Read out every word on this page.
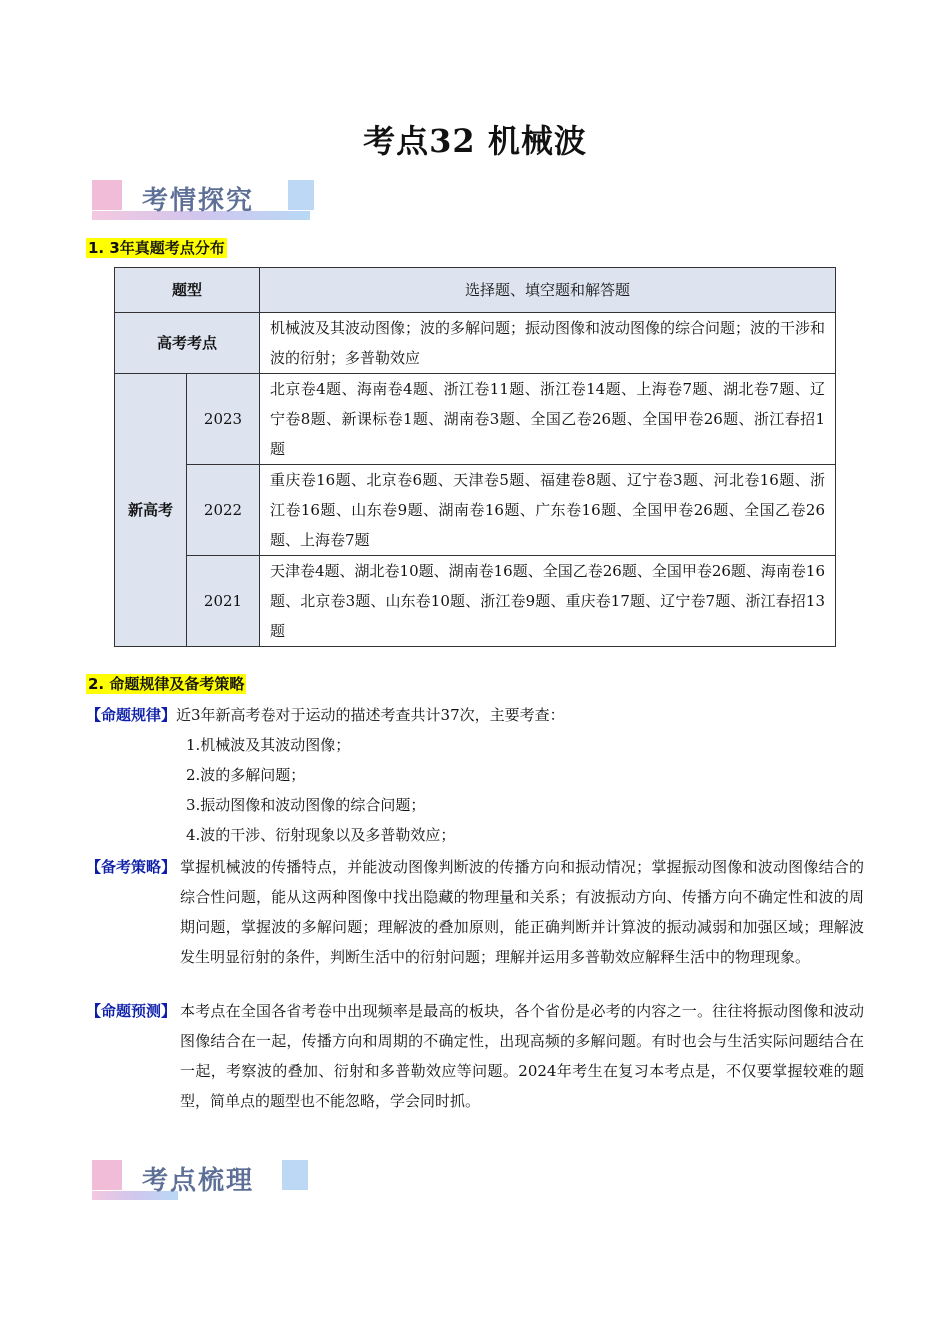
考点32 机械波
考情探究
1. 3年真题考点分布
题型		选择题、填空题和解答题
高考考点		机械波及其波动图像；波的多解问题；振动图像和波动图像的综合问题；波的干涉和波的衍射；多普勒效应
新高考	2023	北京卷4题、海南卷4题、浙江卷11题、浙江卷14题、上海卷7题、湖北卷7题、辽宁卷8题、新课标卷1题、湖南卷3题、全国乙卷26题、全国甲卷26题、浙江春招1题
	2022	重庆卷16题、北京卷6题、天津卷5题、福建卷8题、辽宁卷3题、河北卷16题、浙江卷16题、山东卷9题、湖南卷16题、广东卷16题、全国甲卷26题、全国乙卷26题、上海卷7题
	2021	天津卷4题、湖北卷10题、湖南卷16题、全国乙卷26题、全国甲卷26题、海南卷16题、北京卷3题、山东卷10题、浙江卷9题、重庆卷17题、辽宁卷7题、浙江春招13题
2. 命题规律及备考策略
【命题规律】近3年新高考卷对于运动的描述考查共计37次，主要考查：
1.机械波及其波动图像；
2.波的多解问题；
3.振动图像和波动图像的综合问题；
4.波的干涉、衍射现象以及多普勒效应；
【备考策略】 掌握机械波的传播特点，并能波动图像判断波的传播方向和振动情况；掌握振动图像和波动图像结合的综合性问题，能从这两种图像中找出隐藏的物理量和关系；有波振动方向、传播方向不确定性和波的周期问题，掌握波的多解问题；理解波的叠加原则，能正确判断并计算波的振动减弱和加强区域；理解波发生明显衍射的条件，判断生活中的衍射问题；理解并运用多普勒效应解释生活中的物理现象。
【命题预测】 本考点在全国各省考卷中出现频率是最高的板块，各个省份是必考的内容之一。往往将振动图像和波动图像结合在一起，传播方向和周期的不确定性，出现高频的多解问题。有时也会与生活实际问题结合在一起，考察波的叠加、衍射和多普勒效应等问题。2024年考生在复习本考点是，不仅要掌握较难的题型，简单点的题型也不能忽略，学会同时抓。
考点梳理
